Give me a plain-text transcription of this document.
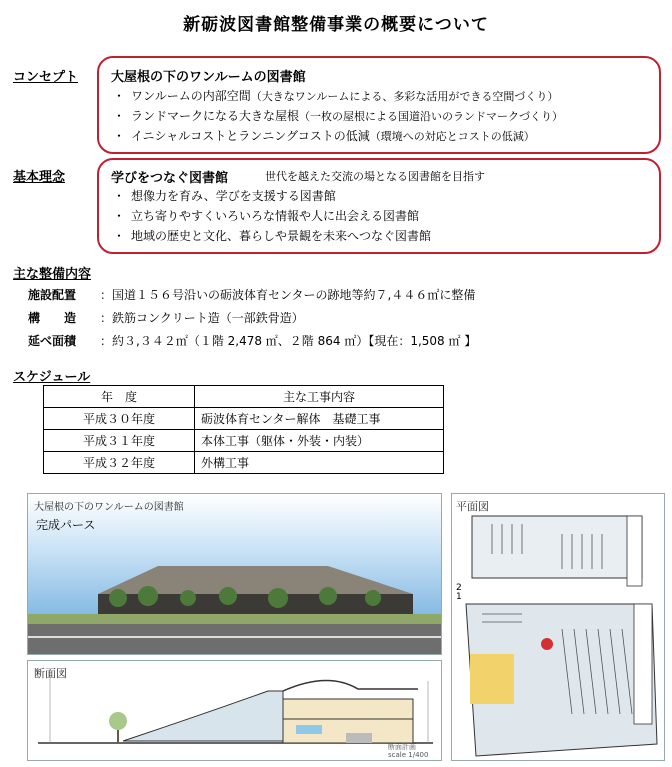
新砺波図書館整備事業の概要について
コンセプト	大屋根の下のワンルームの図書館
・ ワンルームの内部空間（大きなワンルームによる、多彩な活用ができる空間づくり）
・ ランドマークになる大きな屋根（一枚の屋根による国道沿いのランドマークづくり）
・ イニシャルコストとランニングコストの低減（環境への対応とコストの低減）
基本理念	学びをつなぐ図書館	世代を越えた交流の場となる図書館を目指す
・ 想像力を育み、学びを支援する図書館
・ 立ち寄りやすくいろいろな情報や人に出会える図書館
・ 地域の歴史と文化、暮らしや景観を未来へつなぐ図書館
主な整備内容
施設配置 ：国道１５６号沿いの砺波体育センターの跡地等約７,４４６㎡に整備
構　　造 ：鉄筋コンクリート造（一部鉄骨造）
延べ面積 ：約３,３４２㎡（１階 2,478 ㎡、２階 864 ㎡）【現在：1,508 ㎡ 】
スケジュール
年　度	主な工事内容
平成３０年度	砺波体育センター解体　基礎工事
平成３１年度	本体工事（躯体・外装・内装）
平成３２年度	外構工事
大屋根の下のワンルームの図書館
完成パース
断面図
断面計画
scale 1/400
平面図
2
1
